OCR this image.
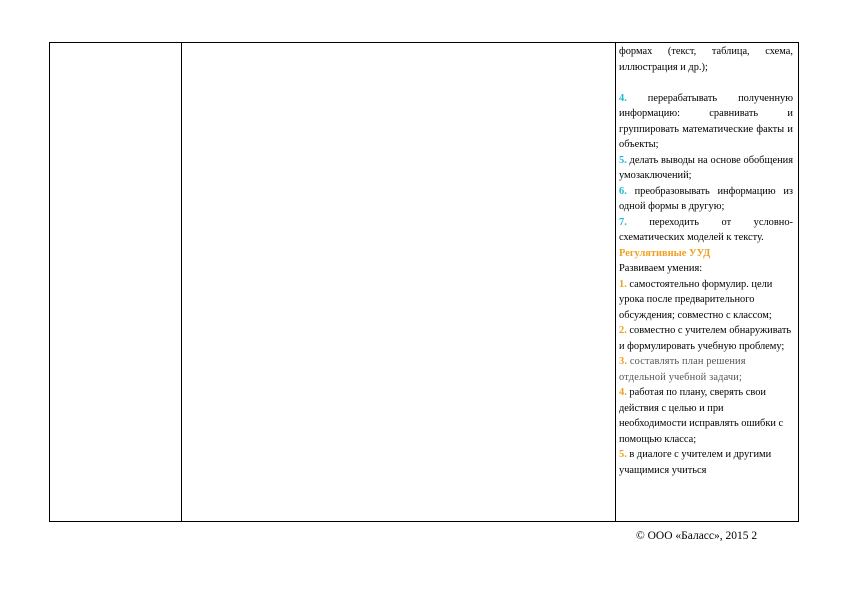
формах (текст, таблица, схема, иллюстрация и др.);

4. перерабатывать полученную информацию: сравнивать и группировать математические факты и объекты;

5. делать выводы на основе обобщения умозаключений;

6. преобразовывать информацию из одной формы в другую;

7. переходить от условно-схематических моделей к тексту.

Регулятивные УУД

Развиваем умения:

1. самостоятельно формулир. цели урока после предварительного обсуждения; совместно с классом;

2. совместно с учителем обнаруживать и формулировать учебную проблему;

3. составлять план решения отдельной учебной задачи;

4. работая по плану, сверять свои действия с целью и при необходимости исправлять ошибки с помощью класса;

5. в диалоге с учителем и другими учащимися учиться

© ООО «Баласс», 2015 2
